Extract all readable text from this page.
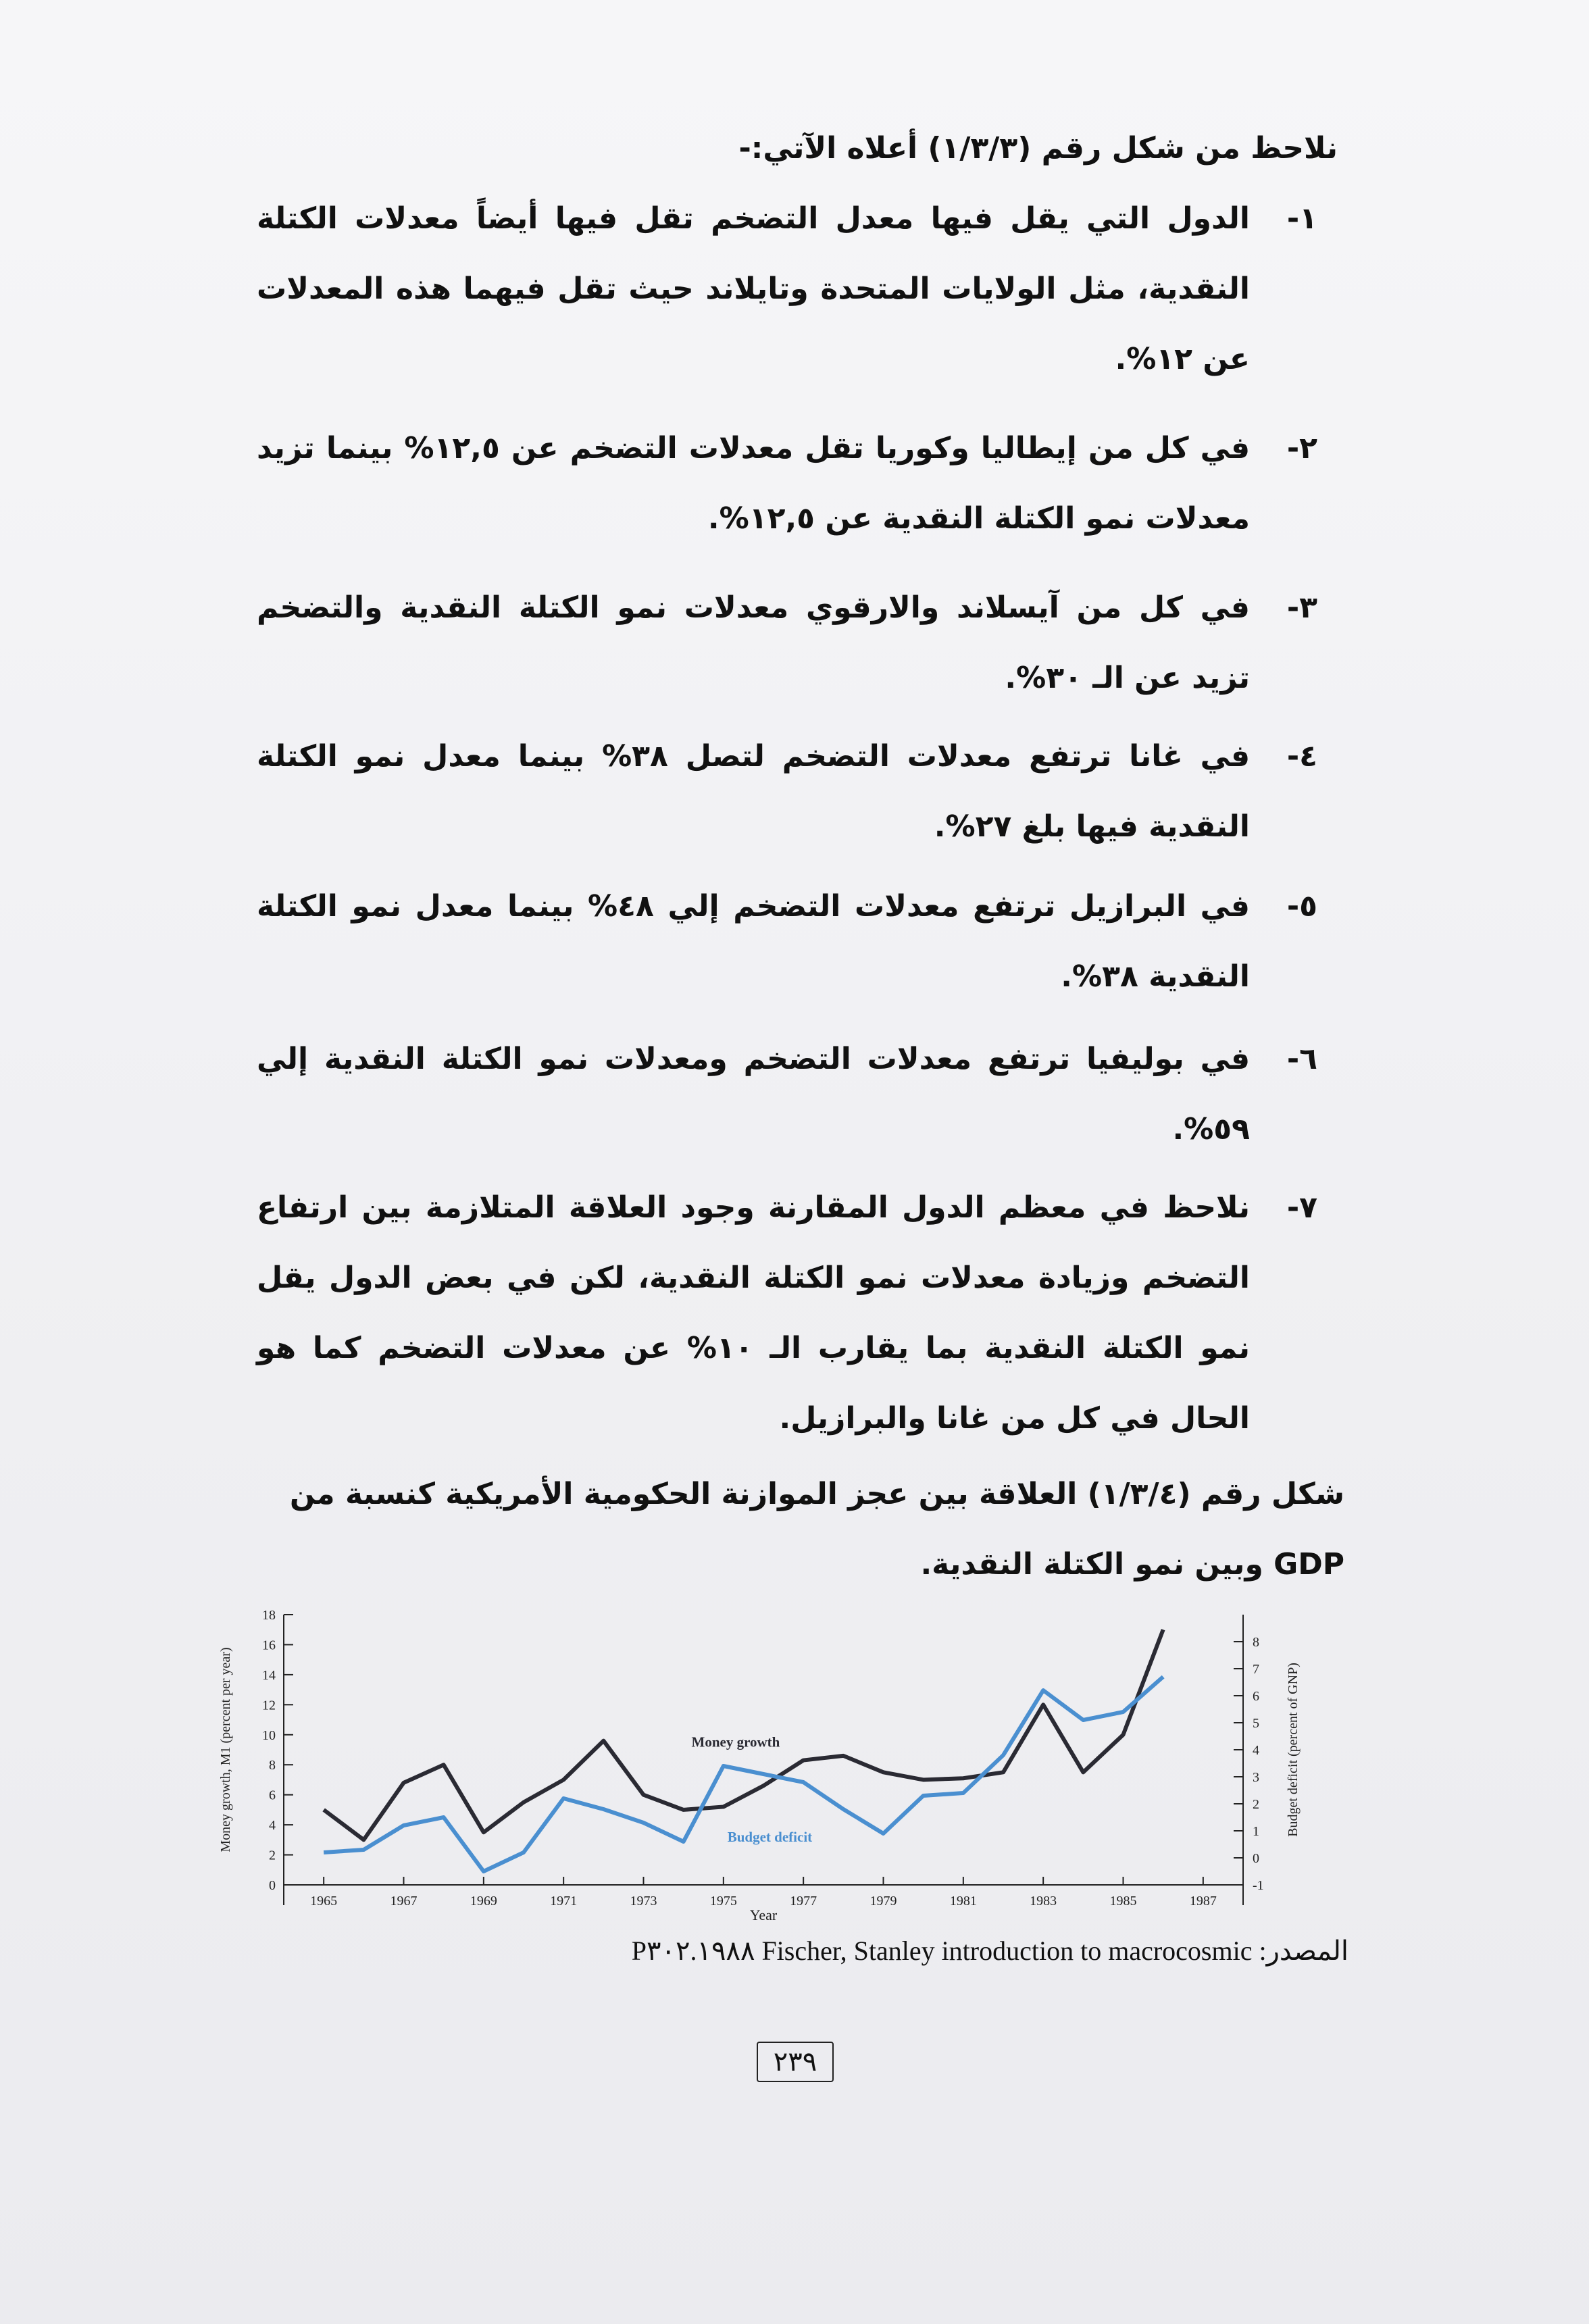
نلاحظ من شكل رقم (١/٣/٣) أعلاه الآتي:-
١-
الدول التي يقل فيها معدل التضخم تقل فيها أيضاً معدلات الكتلة النقدية، مثل الولايات المتحدة وتايلاند حيث تقل فيهما هذه المعدلات عن ١٢%.
٢-
في كل من إيطاليا وكوريا تقل معدلات التضخم عن ١٢,٥% بينما تزيد معدلات نمو الكتلة النقدية عن ١٢,٥%.
٣-
في كل من آيسلاند والارقوي معدلات نمو الكتلة النقدية والتضخم تزيد عن الـ ٣٠%.
٤-
في غانا ترتفع معدلات التضخم لتصل ٣٨% بينما معدل نمو الكتلة النقدية فيها بلغ ٢٧%.
٥-
في البرازيل ترتفع معدلات التضخم إلي ٤٨% بينما معدل نمو الكتلة النقدية ٣٨%.
٦-
في بوليفيا ترتفع معدلات التضخم ومعدلات نمو الكتلة النقدية إلي ٥٩%.
٧-
نلاحظ في معظم الدول المقارنة وجود العلاقة المتلازمة بين ارتفاع التضخم وزيادة معدلات نمو الكتلة النقدية، لكن في بعض الدول يقل نمو الكتلة النقدية بما يقارب الـ ١٠% عن معدلات التضخم كما هو الحال في كل من غانا والبرازيل.
شكل رقم (١/٣/٤) العلاقة بين عجز الموازنة الحكومية الأمريكية كنسبة من GDP وبين نمو الكتلة النقدية.
0
2
4
6
8
10
12
14
16
18
-1
0
1
2
3
4
5
6
7
8
1965	1967	1969	1971	1973	1975	1977	1979	1981	1983	1985	1987
Year
Money growth, M1 (percent per year)	Budget deficit (percent of GNP)
Money growth
Budget deficit
المصدر: Fischer, Stanley introduction to macrocosmic ١٩٨٨.P٣٠٢
٢٣٩
